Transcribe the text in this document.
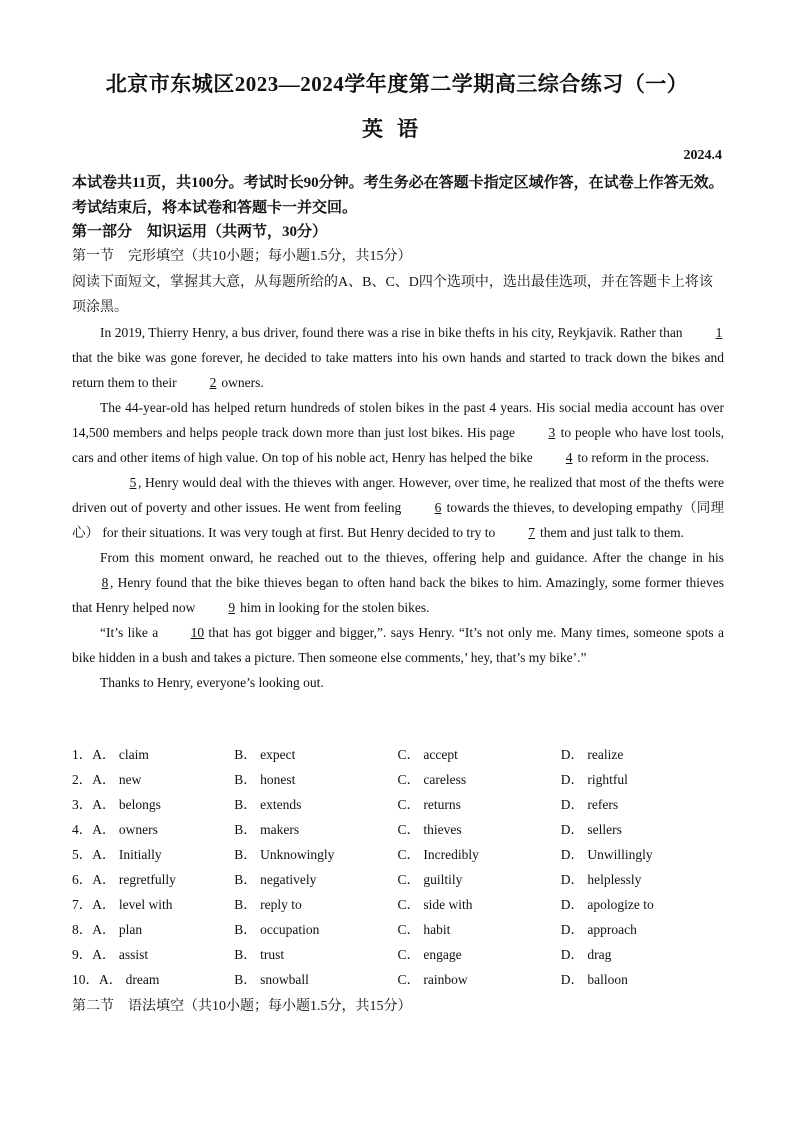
北京市东城区2023—2024学年度第二学期高三综合练习（一）
英语
2024.4
本试卷共11页，共100分。考试时长90分钟。考生务必在答题卡指定区域作答，在试卷上作答无效。考试结束后，将本试卷和答题卡一并交回。
第一部分　知识运用（共两节，30分）
第一节　完形填空（共10小题；每小题1.5分，共15分）
阅读下面短文，掌握其大意，从每题所给的A、B、C、D四个选项中，选出最佳选项，并在答题卡上将该项涂黑。

In 2019, Thierry Henry, a bus driver, found there was a rise in bike thefts in his city, Reykjavik. Rather than 1 that the bike was gone forever, he decided to take matters into his own hands and started to track down the bikes and return them to their 2 owners.

The 44-year-old has helped return hundreds of stolen bikes in the past 4 years. His social media account has over 14,500 members and helps people track down more than just lost bikes. His page 3 to people who have lost tools, cars and other items of high value. On top of his noble act, Henry has helped the bike 4 to reform in the process.

5 , Henry would deal with the thieves with anger. However, over time, he realized that most of the thefts were driven out of poverty and other issues. He went from feeling 6 towards the thieves, to developing empathy（同理心） for their situations. It was very tough at first. But Henry decided to try to 7 them and just talk to them.

From this moment onward, he reached out to the thieves, offering help and guidance. After the change in his 8 , Henry found that the bike thieves began to often hand back the bikes to him. Amazingly, some former thieves that Henry helped now 9 him in looking for the stolen bikes.

“It’s like a 10 that has got bigger and bigger,”. says Henry. “It’s not only me. Many times, someone spots a bike hidden in a bush and takes a picture. Then someone else comments,’ hey, that’s my bike’.”

Thanks to Henry, everyone’s looking out.

1．A． claim	B． expect	C． accept	D． realize
2．A． new	B． honest	C． careless	D． rightful
3．A． belongs	B． extends	C． returns	D． refers
4．A． owners	B． makers	C． thieves	D． sellers
5．A． Initially	B． Unknowingly	C． Incredibly	D． Unwillingly
6．A． regretfully	B． negatively	C． guiltily	D． helplessly
7．A． level with	B． reply to	C． side with	D． apologize to
8．A． plan	B． occupation	C． habit	D． approach
9．A． assist	B． trust	C． engage	D． drag
10．A． dream	B． snowball	C． rainbow	D． balloon
第二节　语法填空（共10小题；每小题1.5分，共15分）
